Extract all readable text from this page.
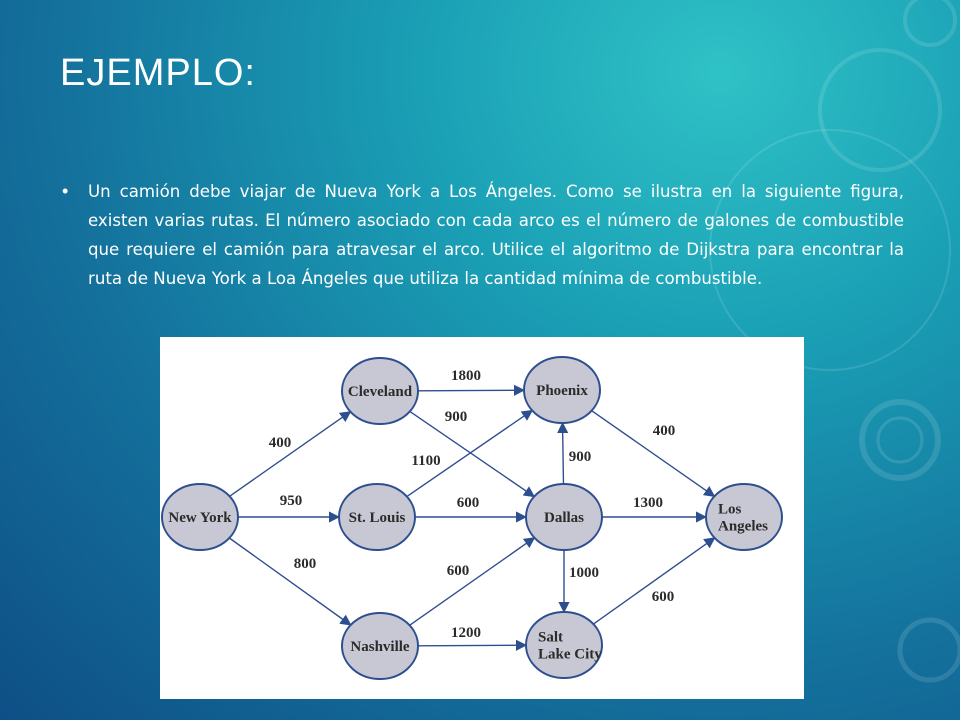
EJEMPLO:
• Un camión debe viajar de Nueva York a Los Ángeles. Como se ilustra en la siguiente figura, existen varias rutas. El número asociado con cada arco es el número de galones de combustible que requiere el camión para atravesar el arco. Utilice el algoritmo de Dijkstra para encontrar la ruta de Nueva York a Loa Ángeles que utiliza la cantidad mínima de combustible.

400
950
800
1800
900
1100
600
600
1200
900
1000
400
1300
600
New York
Cleveland
St. Louis
Nashville
Phoenix
Dallas
Salt Lake City
Los Angeles
